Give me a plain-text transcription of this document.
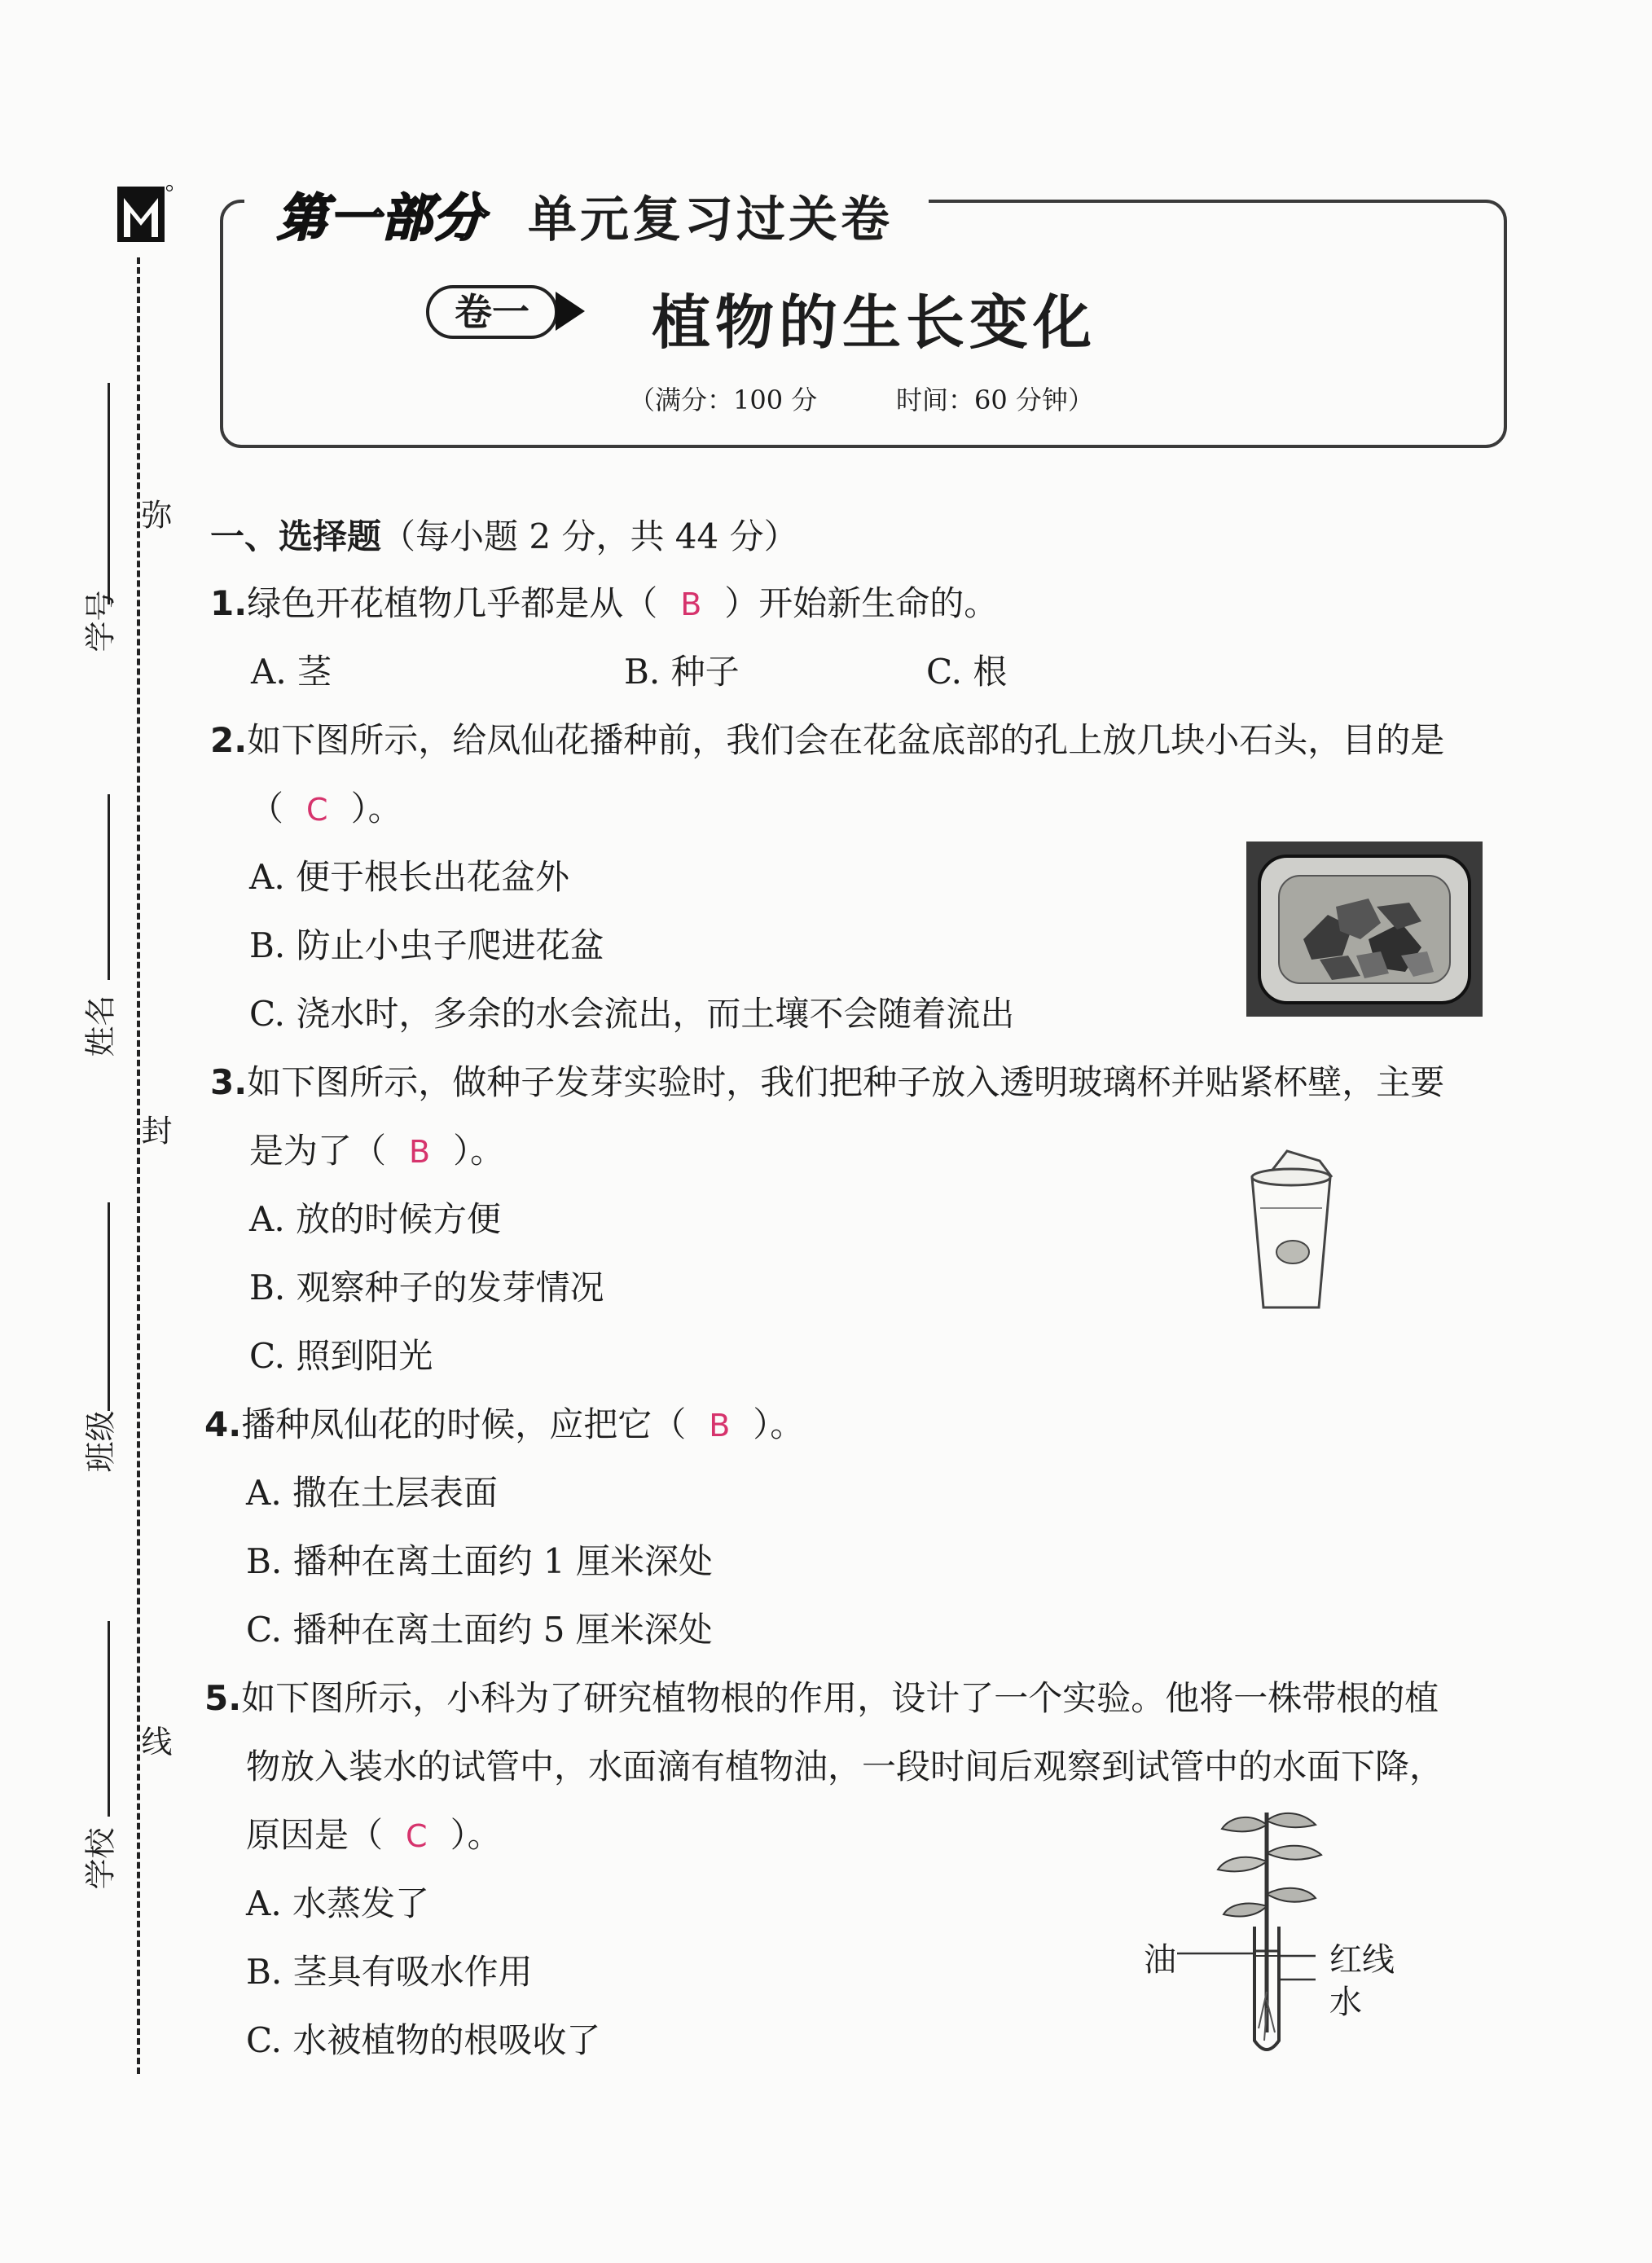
弥
封
线
学号
姓名
班级
学校
第一部分 单元复习过关卷
卷一	植物的生长变化
（满分：100 分	时间：60 分钟）
一、选择题（每小题 2 分，共 44 分）
1.绿色开花植物几乎都是从（ B ）开始新生命的。
A. 茎	B. 种子	C. 根
2.如下图所示，给凤仙花播种前，我们会在花盆底部的孔上放几块小石头，目的是
（ C ）。
A. 便于根长出花盆外
B. 防止小虫子爬进花盆
C. 浇水时，多余的水会流出，而土壤不会随着流出
3.如下图所示，做种子发芽实验时，我们把种子放入透明玻璃杯并贴紧杯壁，主要
是为了（ B ）。
A. 放的时候方便
B. 观察种子的发芽情况
C. 照到阳光
4.播种凤仙花的时候，应把它（ B ）。
A. 撒在土层表面
B. 播种在离土面约 1 厘米深处
C. 播种在离土面约 5 厘米深处
5.如下图所示，小科为了研究植物根的作用，设计了一个实验。他将一株带根的植
物放入装水的试管中，水面滴有植物油，一段时间后观察到试管中的水面下降，
原因是（ C ）。
A. 水蒸发了
B. 茎具有吸水作用
C. 水被植物的根吸收了
油	红线
水
